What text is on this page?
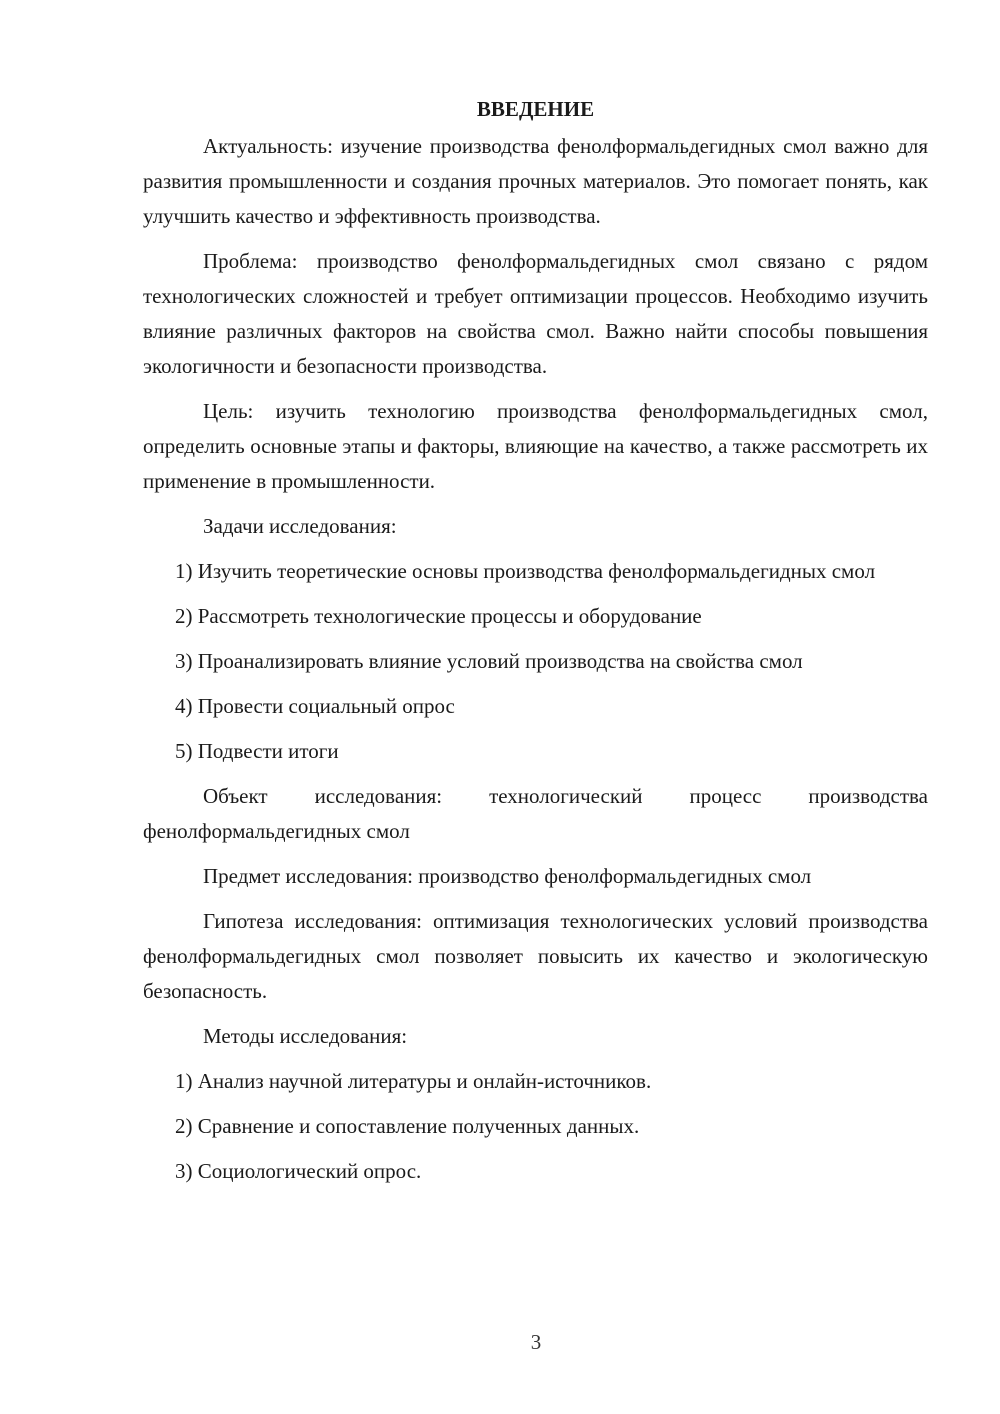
ВВЕДЕНИЕ

Актуальность: изучение производства фенолформальдегидных смол важно для развития промышленности и создания прочных материалов. Это помогает понять, как улучшить качество и эффективность производства.

Проблема: производство фенолформальдегидных смол связано с рядом технологических сложностей и требует оптимизации процессов. Необходимо изучить влияние различных факторов на свойства смол. Важно найти способы повышения экологичности и безопасности производства.

Цель: изучить технологию производства фенолформальдегидных смол, определить основные этапы и факторы, влияющие на качество, а также рассмотреть их применение в промышленности.

Задачи исследования:

1) Изучить теоретические основы производства фенолформальдегидных смол

2) Рассмотреть технологические процессы и оборудование

3) Проанализировать влияние условий производства на свойства смол

4) Провести социальный опрос

5) Подвести итоги

Объект исследования: технологический процесс производства фенолформальдегидных смол

Предмет исследования: производство фенолформальдегидных смол

Гипотеза исследования: оптимизация технологических условий производства фенолформальдегидных смол позволяет повысить их качество и экологическую безопасность.

Методы исследования:

1) Анализ научной литературы и онлайн-источников.

2) Сравнение и сопоставление полученных данных.

3) Социологический опрос.

3
